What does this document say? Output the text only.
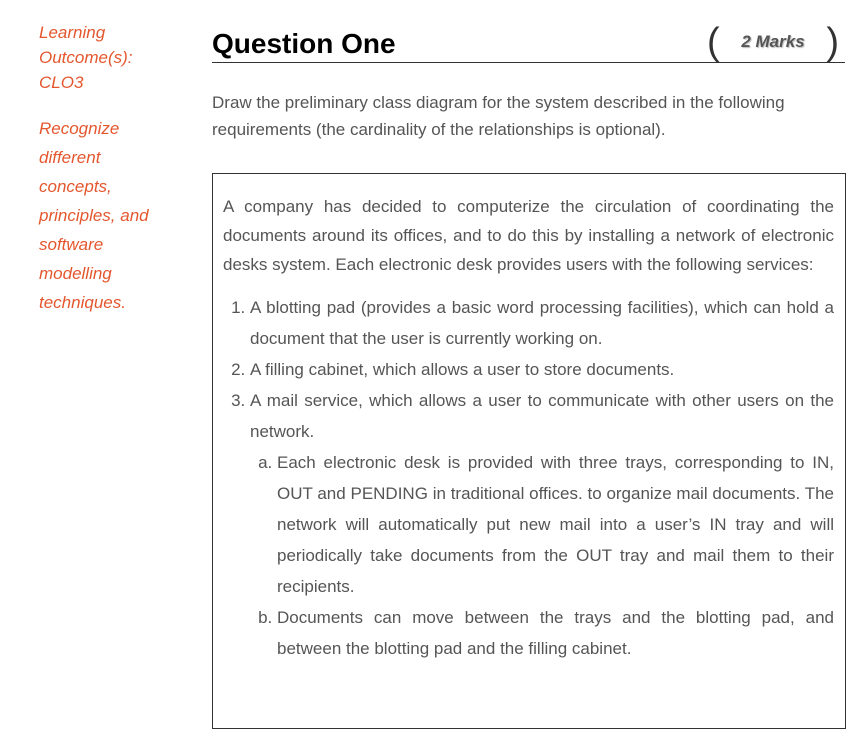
Learning Outcome(s): CLO3
Recognize different concepts, principles, and software modelling techniques.
Question One	(	2 Marks )
Draw the preliminary class diagram for the system described in the following requirements (the cardinality of the relationships is optional).

A company has decided to computerize the circulation of coordinating the documents around its offices, and to do this by installing a network of electronic desks system. Each electronic desk provides users with the following services:

1. A blotting pad (provides a basic word processing facilities), which can hold a document that the user is currently working on.
2. A filling cabinet, which allows a user to store documents.
3. A mail service, which allows a user to communicate with other users on the network.
a. Each electronic desk is provided with three trays, corresponding to IN, OUT and PENDING in traditional offices. to organize mail documents. The network will automatically put new mail into a user’s IN tray and will periodically take documents from the OUT tray and mail them to their recipients.
b. Documents can move between the trays and the blotting pad, and between the blotting pad and the filling cabinet.
